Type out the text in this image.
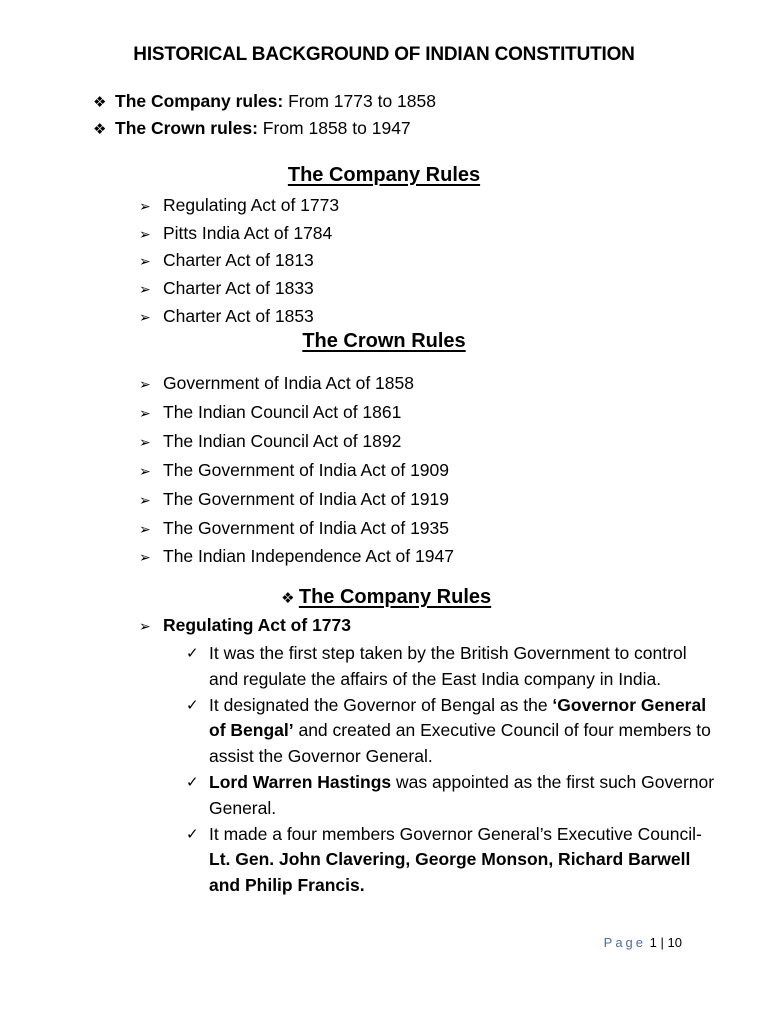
HISTORICAL BACKGROUND OF INDIAN CONSTITUTION
❖ The Company rules: From 1773 to 1858
❖ The Crown rules: From 1858 to 1947
The Company Rules
➢ Regulating Act of 1773
➢ Pitts India Act of 1784
➢ Charter Act of 1813
➢ Charter Act of 1833
➢ Charter Act of 1853
The Crown Rules
➢ Government of India Act of 1858
➢ The Indian Council Act of 1861
➢ The Indian Council Act of 1892
➢ The Government of India Act of 1909
➢ The Government of India Act of 1919
➢ The Government of India Act of 1935
➢ The Indian Independence Act of 1947
❖ The Company Rules
➢ Regulating Act of 1773
✓ It was the first step taken by the British Government to control and regulate the affairs of the East India company in India.
✓ It designated the Governor of Bengal as the ‘Governor General of Bengal’ and created an Executive Council of four members to assist the Governor General.
✓ Lord Warren Hastings was appointed as the first such Governor General.
✓ It made a four members Governor General’s Executive Council- Lt. Gen. John Clavering, George Monson, Richard Barwell and Philip Francis.
Page 1 | 10
